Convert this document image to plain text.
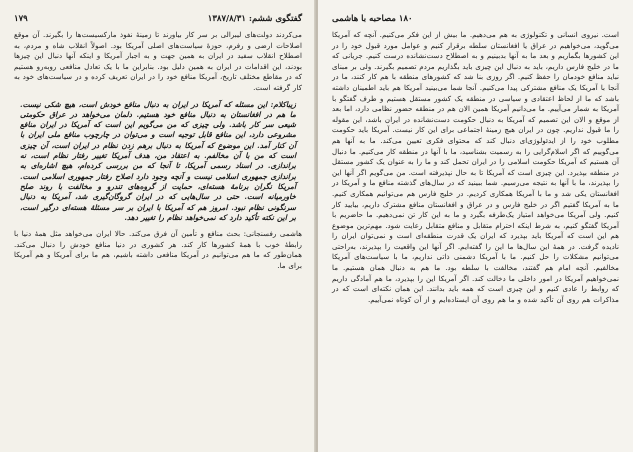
گفتگوی ششم: ۱۳۸۷/۸/۳۱
۱۷۹

می‌کردند دولت‌های لیبرالی بر سر کار بیاورند تا زمینهٔ نفوذ مارکسیست‌ها را بگیرند. آن موقع اصلاحات ارضی و رفرم، حوزهٔ سیاست‌های اصلی آمریکا بود. اصولاً انقلاب شاه و مردم، به اصطلاح انقلاب سفید در ایران به همین جهت و به اجبار آمریکا و اینکه آنها دنبال این چیزها بودند، این اقدامات در ایران به همین دلیل بود. بنابراین ما با یک تعادل منافعی روبه‌رو هستیم که در مقاطع مختلف تاریخ، آمریکا منافع خود را در ایران تعریف کرده و در سیاست‌های خود به کار گرفته است.

زیباکلام: این مسئله که آمریکا در ایران به دنبال منافع خودش است، هیچ شکی نیست. ما هم در افغانستان به دنبال منافع خود هستیم. دلمان می‌خواهد در عراق حکومتی شیعی سر کار باشد. ولی چیزی که من می‌گویم این است که آمریکا در ایران منافع مشروعی دارد، این منافع قابل توجیه است و می‌توان در چارچوب منافع ملی ایران با آن کنار آمد. این موضوع که آمریکا به دنبال برهم زدن نظام در ایران است، آن چیزی است که من با آن مخالفم. به اعتقاد من، هدف آمریکا تغییر رفتار نظام است، نه براندازی. در اسناد رسمی آمریکا، تا آنجا که من بررسی کرده‌ام، هیچ اشاره‌ای به براندازی جمهوری اسلامی نیست و آنچه وجود دارد اصلاح رفتار جمهوری اسلامی است. آمریکا نگران برنامهٔ هسته‌ای، حمایت از گروه‌های تندرو و مخالفت با روند صلح خاورمیانه است. حتی در سال‌هایی که در ایران گروگان‌گیری شد، آمریکا به دنبال سرنگونی نظام نبود. امروز هم که آمریکا با ایران بر سر مسئلهٔ هسته‌ای درگیر است، بر این نکته تأکید دارد که نمی‌خواهد نظام را تغییر دهد.

هاشمی رفسنجانی: بحث منافع و تأمین آن فرق می‌کند. حالا ایران می‌خواهد مثل همهٔ دنیا با رابطهٔ خوب با همهٔ کشورها کار کند. هر کشوری در دنیا منافع خودش را دنبال می‌کند. همان‌طور که ما هم می‌توانیم در آمریکا منافعی داشته باشیم، هم ما برای آمریکا و هم آمریکا برای ما.

۱۸۰ مصاحبه با هاشمی

است. نیروی انسانی و تکنولوژی به هم می‌دهیم. ما بیش از این فکر می‌کنیم. آنچه که آمریکا می‌گوید، می‌خواهیم در عراق یا افغانستان سلطه برقرار کنیم و عوامل مورد قبول خود را در این کشورها بگماریم و بعد ما به آنها بدبینیم و به اصطلاح دست‌نشانده درست کنیم. جریانی که ما در خلیج فارس داریم، باید به دنبال این چیزی باید بگذاریم مردم تصمیم بگیرند. ولی بر مبنای نباید منافع خودمان را حفظ کنیم. اگر روزی بنا شد که کشورهای منطقه با هم کار کنند، ما در آنجا با آمریکا یک منافع مشترکی پیدا می‌کنیم. آنجا شما می‌بینید آمریکا هم باید اطمینان داشته باشد که ما از لحاظ اعتقادی و سیاسی در منطقه یک کشور مستقل هستیم و طرف گفتگو با آمریکا به شمار می‌آییم. ما می‌دانیم آمریکا همین الان هم در منطقه حضور نظامی دارد، اما بعد از موقع و الان این تصمیم که آمریکا به دنبال حکومت دست‌نشانده در ایران باشد، این مقوله را ما قبول نداریم. چون در ایران هیچ زمینهٔ اجتماعی برای این کار نیست. آمریکا باید حکومت مطلوب خود را از ایدئولوژی‌ای دنبال کند که محتوای فکری تعیین می‌کند. ما به آنها هم می‌گوییم که اگر اسلام‌گرایی را به رسمیت بشناسید، ما با آنها در منطقه کار می‌کنیم. ما دنبال آن هستیم که آمریکا حکومت اسلامی را در ایران تحمل کند و ما را به عنوان یک کشور مستقل در منطقه بپذیرد. این چیزی است که آمریکا تا به حال نپذیرفته است. من می‌گویم اگر آنها این را بپذیرند، ما با آنها به نتیجه می‌رسیم. شما ببینید که در سال‌های گذشته منافع ما و آمریکا در افغانستان یکی شد و ما با آمریکا همکاری کردیم. در خلیج فارس هم می‌توانیم همکاری کنیم. ما به آمریکا گفتیم اگر در خلیج فارس و در عراق و افغانستان منافع مشترک داریم، بیایید کار کنیم. ولی آمریکا می‌خواهد امتیاز یک‌طرفه بگیرد و ما به این کار تن نمی‌دهیم. ما حاضریم با آمریکا گفتگو کنیم، به شرط اینکه احترام متقابل و منافع متقابل رعایت شود. مهم‌ترین موضوع هم این است که آمریکا باید بپذیرد که ایران یک قدرت منطقه‌ای است و نمی‌توان ایران را نادیده گرفت. در همهٔ این سال‌ها ما این را گفته‌ایم. اگر آنها این واقعیت را بپذیرند، به‌راحتی می‌توانیم مشکلات را حل کنیم. ما با آمریکا دشمنی ذاتی نداریم، ما با سیاست‌های آمریکا مخالفیم. آنچه امام هم گفتند، مخالفت با سلطه بود. ما هم به دنبال همان هستیم. ما نمی‌خواهیم آمریکا در امور داخلی ما دخالت کند. اگر آمریکا این را بپذیرد، ما هم آمادگی داریم که روابط را عادی کنیم و این چیزی است که همه باید بدانند. این همان نکته‌ای است که در مذاکرات هم روی آن تأکید شده و ما هم روی آن ایستاده‌ایم و از آن کوتاه نمی‌آییم.
